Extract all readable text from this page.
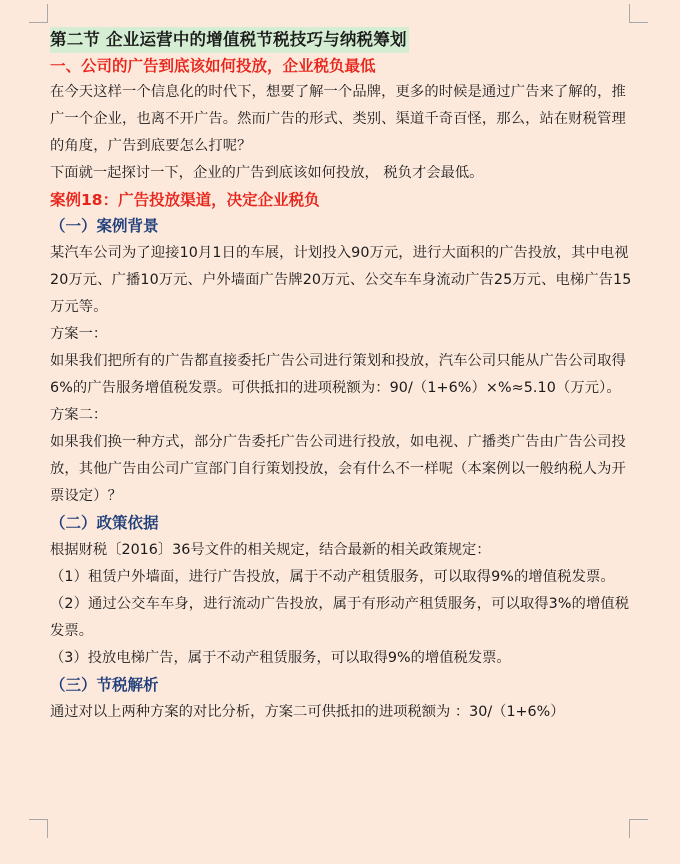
第二节 企业运营中的增值税节税技巧与纳税筹划
一、公司的广告到底该如何投放，企业税负最低

在今天这样一个信息化的时代下，想要了解一个品牌，更多的时候是通过广告来了解的，推广一个企业，也离不开广告。然而广告的形式、类别、渠道千奇百怪，那么，站在财税管理的角度，广告到底要怎么打呢？

下面就一起探讨一下，企业的广告到底该如何投放， 税负才会最低。
案例18：广告投放渠道，决定企业税负
（一）案例背景

某汽车公司为了迎接10月1日的车展，计划投入90万元，进行大面积的广告投放，其中电视20万元、广播10万元、户外墙面广告牌20万元、公交车车身流动广告25万元、电梯广告15万元等。

方案一：

如果我们把所有的广告都直接委托广告公司进行策划和投放，汽车公司只能从广告公司取得6%的广告服务增值税发票。可供抵扣的进项税额为：90/（1+6%）×%≈5.10（万元）。

方案二：

如果我们换一种方式，部分广告委托广告公司进行投放，如电视、广播类广告由广告公司投放，其他广告由公司广宣部门自行策划投放，会有什么不一样呢（本案例以一般纳税人为开票设定）？

（二）政策依据
根据财税〔2016〕36号文件的相关规定，结合最新的相关政策规定：

（1）租赁户外墙面，进行广告投放，属于不动产租赁服务，可以取得9%的增值税发票。

（2）通过公交车车身，进行流动广告投放，属于有形动产租赁服务，可以取得3%的增值税发票。

（3）投放电梯广告，属于不动产租赁服务，可以取得9%的增值税发票。
（三）节税解析
通过对以上两种方案的对比分析，方案二可供抵扣的进项税额为 ：30/（1+6%）
